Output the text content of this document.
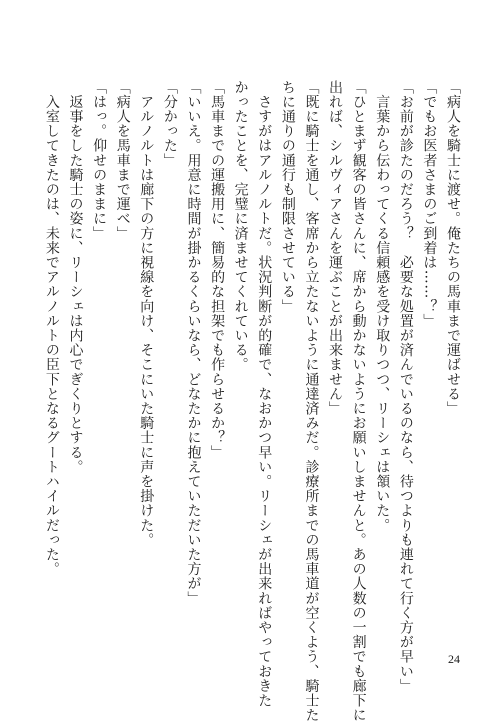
「病人を騎士に渡せ。俺たちの馬車まで運ばせる」
「でもお医者さまのご到着は……？」
「お前が診たのだろう？　必要な処置が済んでいるのなら、待つよりも連れて行く方が早い」
　言葉から伝わってくる信頼感を受け取りつつ、リーシェは頷いた。
「ひとまず観客の皆さんに、席から動かないようにお願いしませんと。あの人数の一割でも廊下に
出れば、シルヴィアさんを運ぶことが出来ません」
「既に騎士を通し、客席から立たないように通達済みだ。診療所までの馬車道が空くよう、騎士た
ちに通りの通行も制限させている」
　さすがはアルノルトだ。状況判断が的確で、なおかつ早い。リーシェが出来ればやっておきた
かったことを、完璧に済ませてくれている。
「馬車までの運搬用に、簡易的な担架でも作らせるか？」
「いいえ。用意に時間が掛かるくらいなら、どなたかに抱えていただいた方が」
「分かった」
　アルノルトは廊下の方に視線を向け、そこにいた騎士に声を掛けた。
「病人を馬車まで運べ」
「はっ。仰せのままに」
　返事をした騎士の姿に、リーシェは内心でぎくりとする。
　入室してきたのは、未来でアルノルトの臣下となるグートハイルだった。
24
